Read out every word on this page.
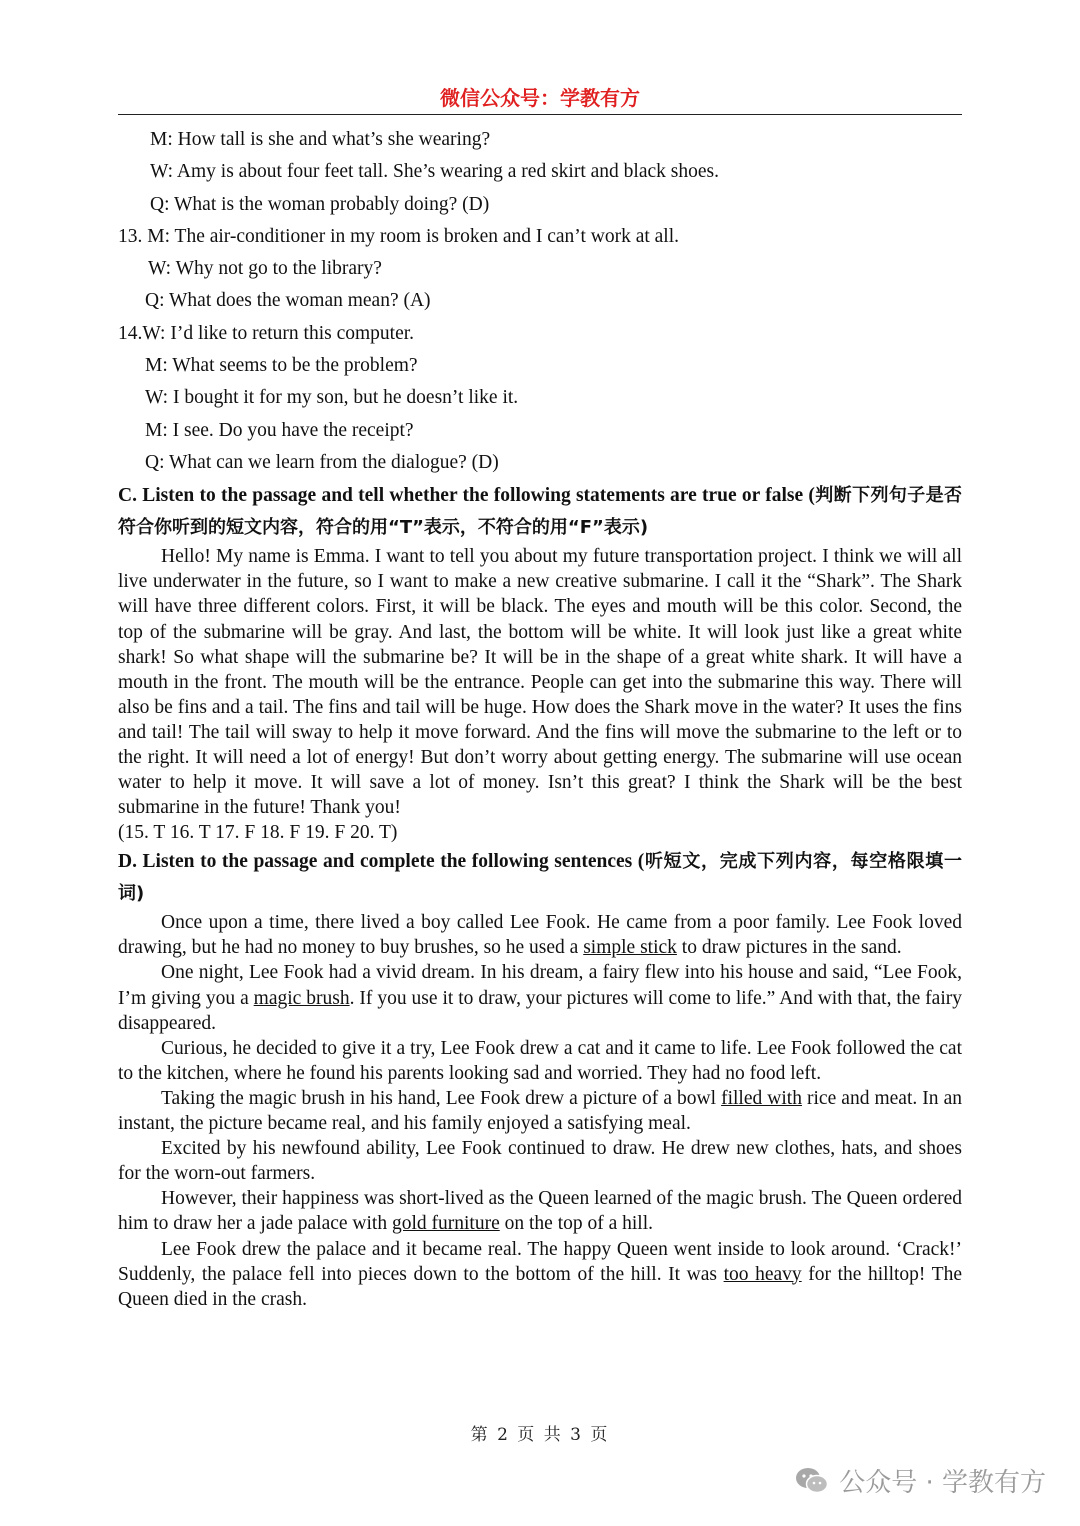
微信公众号：学教有方
M: How tall is she and what’s she wearing?
W: Amy is about four feet tall. She’s wearing a red skirt and black shoes.
Q: What is the woman probably doing? (D)
13. M: The air-conditioner in my room is broken and I can’t work at all.
W: Why not go to the library?
Q: What does the woman mean? (A)
14.W: I’d like to return this computer.
M: What seems to be the problem?
W: I bought it for my son, but he doesn’t like it.
M: I see. Do you have the receipt?
Q: What can we learn from the dialogue? (D)
C. Listen to the passage and tell whether the following statements are true or false (判断下列句子是否符合你听到的短文内容，符合的用“T”表示，不符合的用“F”表示)
Hello! My name is Emma. I want to tell you about my future transportation project. I think we will all live underwater in the future, so I want to make a new creative submarine. I call it the “Shark”. The Shark will have three different colors. First, it will be black. The eyes and mouth will be this color. Second, the top of the submarine will be gray. And last, the bottom will be white. It will look just like a great white shark! So what shape will the submarine be? It will be in the shape of a great white shark. It will have a mouth in the front. The mouth will be the entrance. People can get into the submarine this way. There will also be fins and a tail. The fins and tail will be huge. How does the Shark move in the water? It uses the fins and tail! The tail will sway to help it move forward. And the fins will move the submarine to the left or to the right. It will need a lot of energy! But don’t worry about getting energy. The submarine will use ocean water to help it move. It will save a lot of money. Isn’t this great? I think the Shark will be the best submarine in the future! Thank you!
(15. T 16. T 17. F 18. F 19. F 20. T)
D. Listen to the passage and complete the following sentences (听短文，完成下列内容，每空格限填一词)
Once upon a time, there lived a boy called Lee Fook. He came from a poor family. Lee Fook loved drawing, but he had no money to buy brushes, so he used a simple stick to draw pictures in the sand.
One night, Lee Fook had a vivid dream. In his dream, a fairy flew into his house and said, “Lee Fook, I’m giving you a magic brush. If you use it to draw, your pictures will come to life.” And with that, the fairy disappeared.
Curious, he decided to give it a try, Lee Fook drew a cat and it came to life. Lee Fook followed the cat to the kitchen, where he found his parents looking sad and worried. They had no food left.
Taking the magic brush in his hand, Lee Fook drew a picture of a bowl filled with rice and meat. In an instant, the picture became real, and his family enjoyed a satisfying meal.
Excited by his newfound ability, Lee Fook continued to draw. He drew new clothes, hats, and shoes for the worn-out farmers.
However, their happiness was short-lived as the Queen learned of the magic brush. The Queen ordered him to draw her a jade palace with gold furniture on the top of a hill.
Lee Fook drew the palace and it became real. The happy Queen went inside to look around. ‘Crack!’ Suddenly, the palace fell into pieces down to the bottom of the hill. It was too heavy for the hilltop! The Queen died in the crash.
第 2 页 共 3 页
公众号 · 学教有方
